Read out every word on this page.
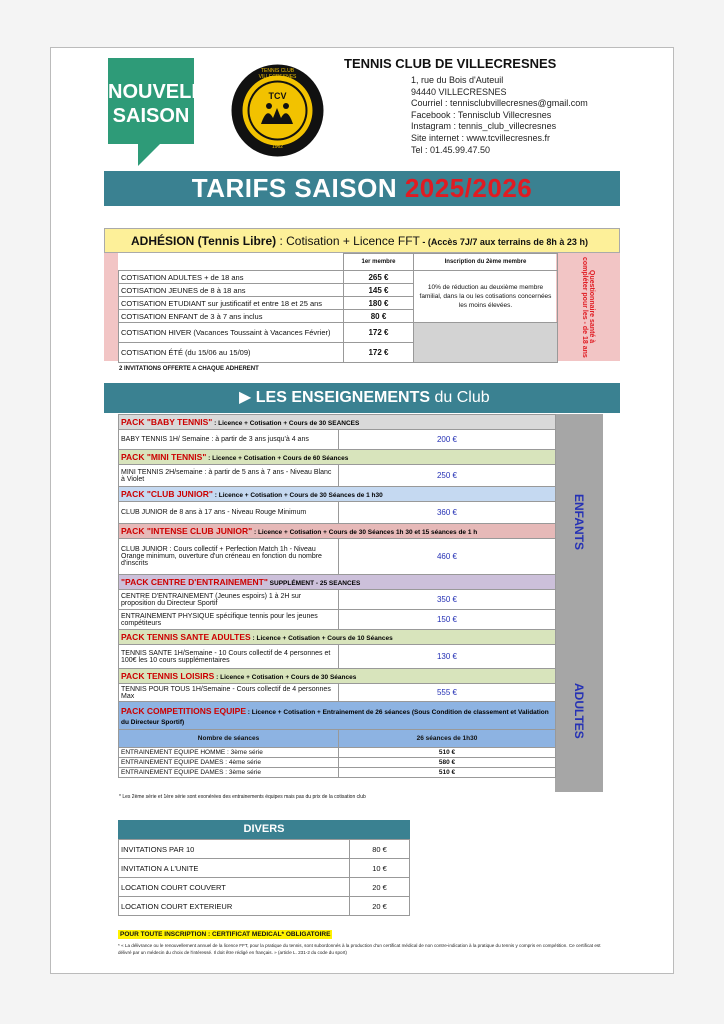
NOUVELLE
SAISON
TCV
TENNIS CLUB VILLECRESNES
1962
TENNIS CLUB DE VILLECRESNES
1, rue du Bois d'Auteuil
94440 VILLECRESNES
Courriel : tennisclubvillecresnes@gmail.com
Facebook : Tennisclub Villecresnes
Instagram : tennis_club_villecresnes
Site internet : www.tcvillecresnes.fr
Tel : 01.45.99.47.50
TARIFS SAISON 2025/2026
ADHÉSION (Tennis Libre) : Cotisation + Licence FFT - (Accès 7J/7 aux terrains de 8h à 23 h)
Questionnaire santé à compléter pour les - de 18 ans
	1er membre	Inscription du 2ème membre
COTISATION ADULTES + de 18 ans	265 €	10% de réduction au deuxième membre familial, dans la ou les cotisations concernées les moins élevées.
COTISATION JEUNES de 8 à 18 ans	145 €	
COTISATION ETUDIANT sur justificatif et entre 18 et 25 ans	180 €	
COTISATION ENFANT de 3 à 7 ans inclus	80 €	
COTISATION HIVER (Vacances Toussaint à Vacances Février)	172 €	
COTISATION ÉTÉ (du 15/06 au 15/09)	172 €	
2 INVITATIONS OFFERTE A CHAQUE ADHERENT
▶ LES ENSEIGNEMENTS du Club
ENFANTS
ADULTES
PACK "BABY TENNIS" : Licence + Cotisation + Cours de 30 SEANCES	
BABY TENNIS 1H/ Semaine : à partir de 3 ans jusqu'à 4 ans	200 €
PACK "MINI TENNIS" : Licence + Cotisation + Cours de 60 Séances	
MINI TENNIS 2H/semaine : à partir de 5 ans à 7 ans - Niveau Blanc à Violet	250 €
PACK "CLUB JUNIOR" : Licence + Cotisation + Cours de 30 Séances de 1 h30	
CLUB JUNIOR de 8 ans à 17 ans - Niveau Rouge Minimum	360 €
PACK "INTENSE CLUB JUNIOR" : Licence + Cotisation + Cours de 30 Séances 1h 30 et 15 séances de 1 h	
CLUB JUNIOR : Cours collectif + Perfection Match 1h - Niveau Orange minimum, ouverture d'un créneau en fonction du nombre d'inscrits	460 €
"PACK CENTRE D'ENTRAINEMENT" SUPPLÉMENT - 25 SEANCES	
CENTRE D'ENTRAINEMENT (Jeunes espoirs) 1 à 2H sur proposition du Directeur Sportif	350 €
ENTRAINEMENT PHYSIQUE spécifique tennis pour les jeunes compétiteurs	150 €
PACK TENNIS SANTE ADULTES : Licence + Cotisation + Cours de 10 Séances	
TENNIS SANTE 1H/Semaine - 10 Cours collectif de 4 personnes et 100€ les 10 cours supplémentaires	130 €
PACK TENNIS LOISIRS : Licence + Cotisation + Cours de 30 Séances	
TENNIS POUR TOUS 1H/Semaine - Cours collectif de 4 personnes Max	555 €
PACK COMPETITIONS EQUIPE : Licence + Cotisation + Entrainement de 26 séances (Sous Condition de classement et Validation du Directeur Sportif)	
Nombre de séances	26 séances de 1h30
ENTRAINEMENT EQUIPE HOMME : 3ème série	510 €
ENTRAINEMENT EQUIPE DAMES : 4ème série	580 €
ENTRAINEMENT EQUIPE DAMES : 3ème série	510 €
* Les 2ème série et 1ère série sont exonérées des entrainements équipes mais pas du prix de la cotisation club
DIVERS
INVITATIONS PAR 10	80 €
INVITATION A L'UNITE	10 €
LOCATION COURT COUVERT	20 €
LOCATION COURT EXTERIEUR	20 €
POUR TOUTE INSCRIPTION : CERTIFICAT MEDICAL* OBLIGATOIRE
* « La délivrance ou le renouvellement annuel de la licence FFT, pour la pratique du tennis, sont subordonnés à la production d'un certificat médical de non contre-indication à la pratique du tennis y compris en compétition. Ce certificat est délivré par un médecin du choix de l'intéressé. Il doit être rédigé en français. » (article L. 231-2 du code du sport)
